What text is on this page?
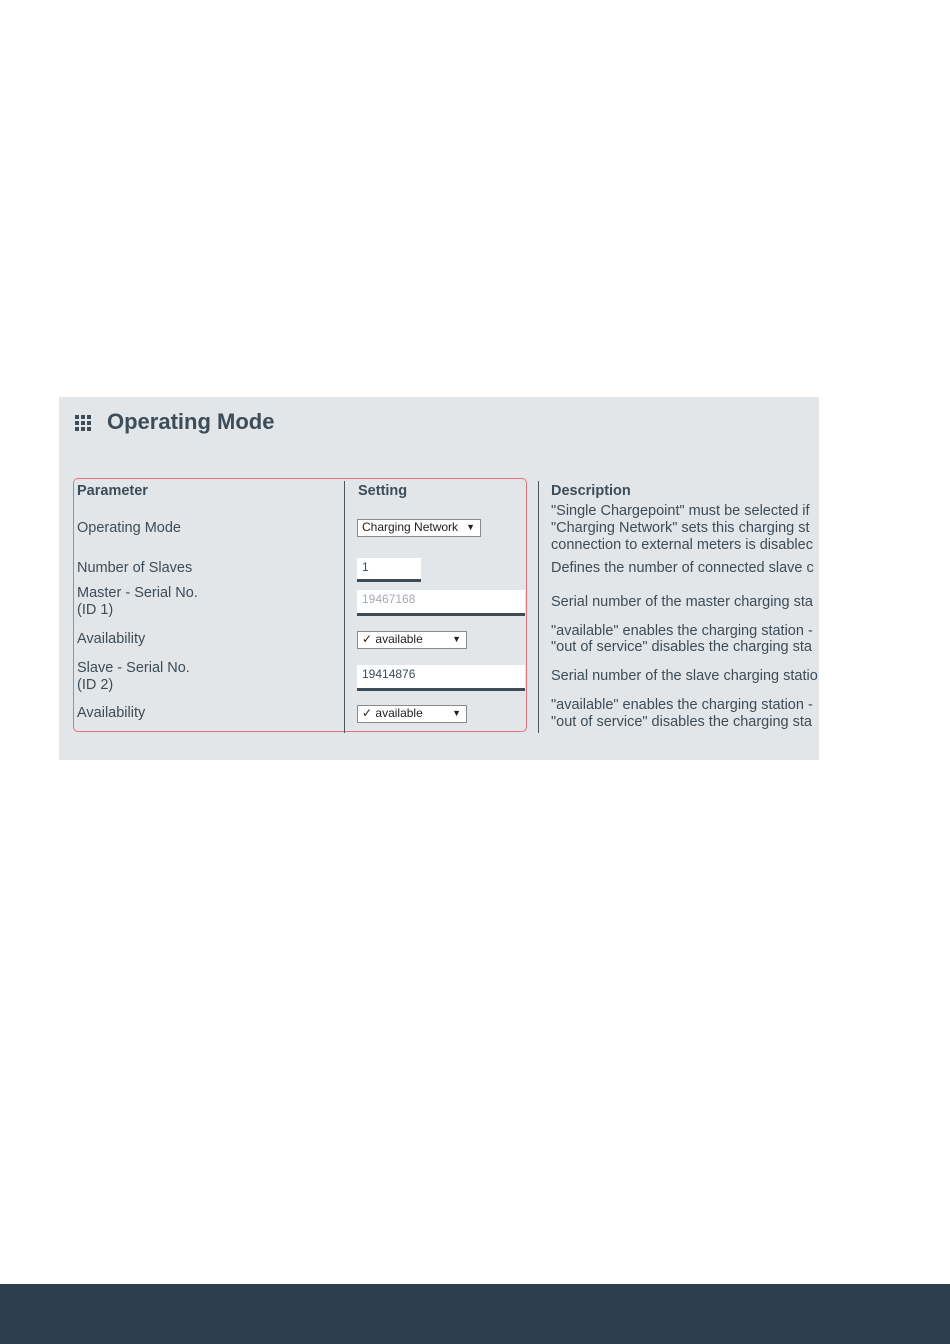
Operating Mode
Parameter	Setting	Description
Operating Mode	Charging Network ▼
"Single Chargepoint" must be selected if
"Charging Network" sets this charging st
connection to external meters is disablec
Number of Slaves	1	Defines the number of connected slave c
Master - Serial No.
(ID 1)
19467168	Serial number of the master charging sta
Availability	✓ available	▼	"available" enables the charging station -
"out of service" disables the charging sta
Slave - Serial No.
(ID 2)
19414876	Serial number of the slave charging statio
Availability	✓ available	▼	"available" enables the charging station -
"out of service" disables the charging sta
